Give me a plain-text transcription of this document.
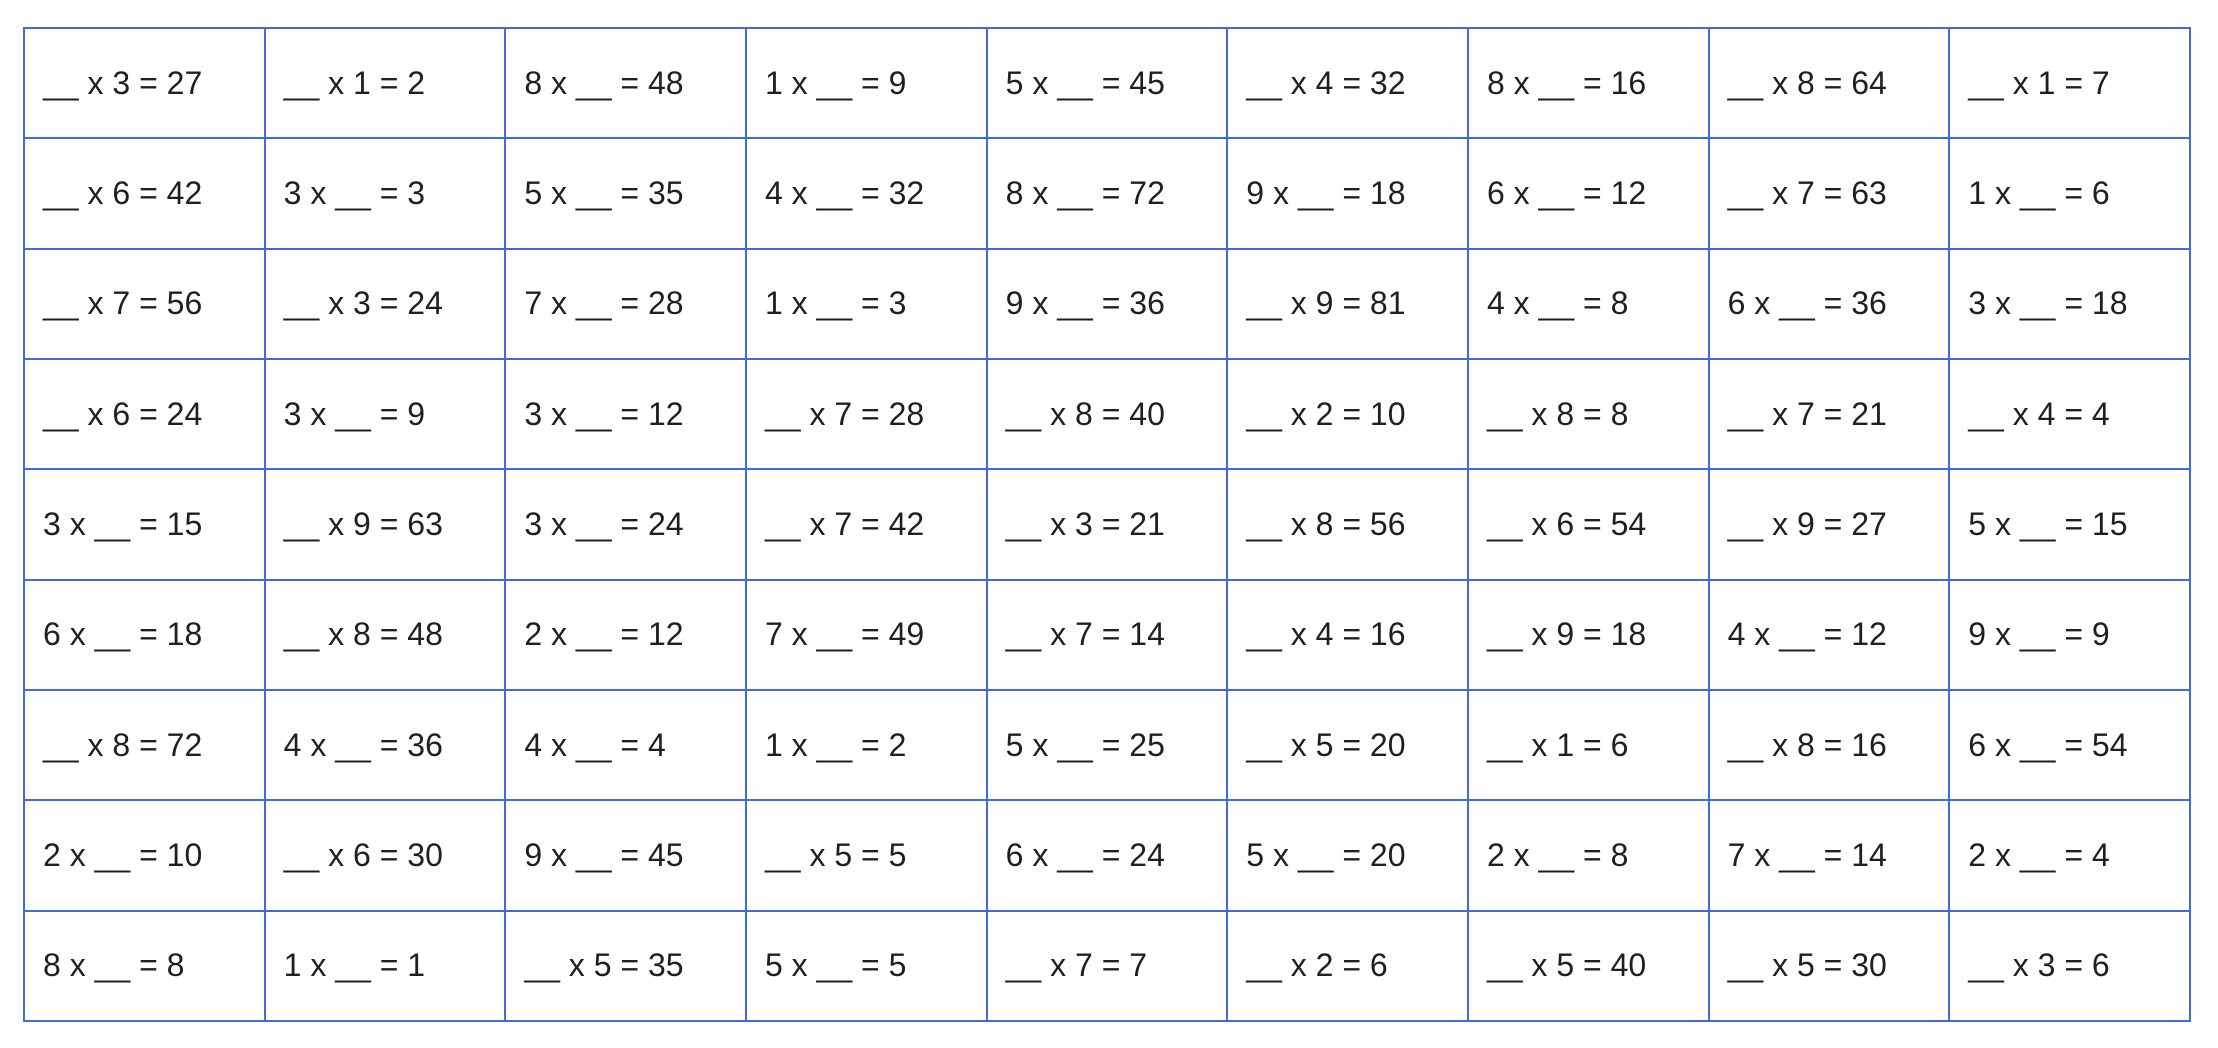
__ x 3 = 27	__ x 1 = 2	8 x __ = 48	1 x __ = 9	5 x __ = 45	__ x 4 = 32	8 x __ = 16	__ x 8 = 64	__ x 1 = 7
__ x 6 = 42	3 x __ = 3	5 x __ = 35	4 x __ = 32	8 x __ = 72	9 x __ = 18	6 x __ = 12	__ x 7 = 63	1 x __ = 6
__ x 7 = 56	__ x 3 = 24	7 x __ = 28	1 x __ = 3	9 x __ = 36	__ x 9 = 81	4 x __ = 8	6 x __ = 36	3 x __ = 18
__ x 6 = 24	3 x __ = 9	3 x __ = 12	__ x 7 = 28	__ x 8 = 40	__ x 2 = 10	__ x 8 = 8	__ x 7 = 21	__ x 4 = 4
3 x __ = 15	__ x 9 = 63	3 x __ = 24	__ x 7 = 42	__ x 3 = 21	__ x 8 = 56	__ x 6 = 54	__ x 9 = 27	5 x __ = 15
6 x __ = 18	__ x 8 = 48	2 x __ = 12	7 x __ = 49	__ x 7 = 14	__ x 4 = 16	__ x 9 = 18	4 x __ = 12	9 x __ = 9
__ x 8 = 72	4 x __ = 36	4 x __ = 4	1 x __ = 2	5 x __ = 25	__ x 5 = 20	__ x 1 = 6	__ x 8 = 16	6 x __ = 54
2 x __ = 10	__ x 6 = 30	9 x __ = 45	__ x 5 = 5	6 x __ = 24	5 x __ = 20	2 x __ = 8	7 x __ = 14	2 x __ = 4
8 x __ = 8	1 x __ = 1	__ x 5 = 35	5 x __ = 5	__ x 7 = 7	__ x 2 = 6	__ x 5 = 40	__ x 5 = 30	__ x 3 = 6
